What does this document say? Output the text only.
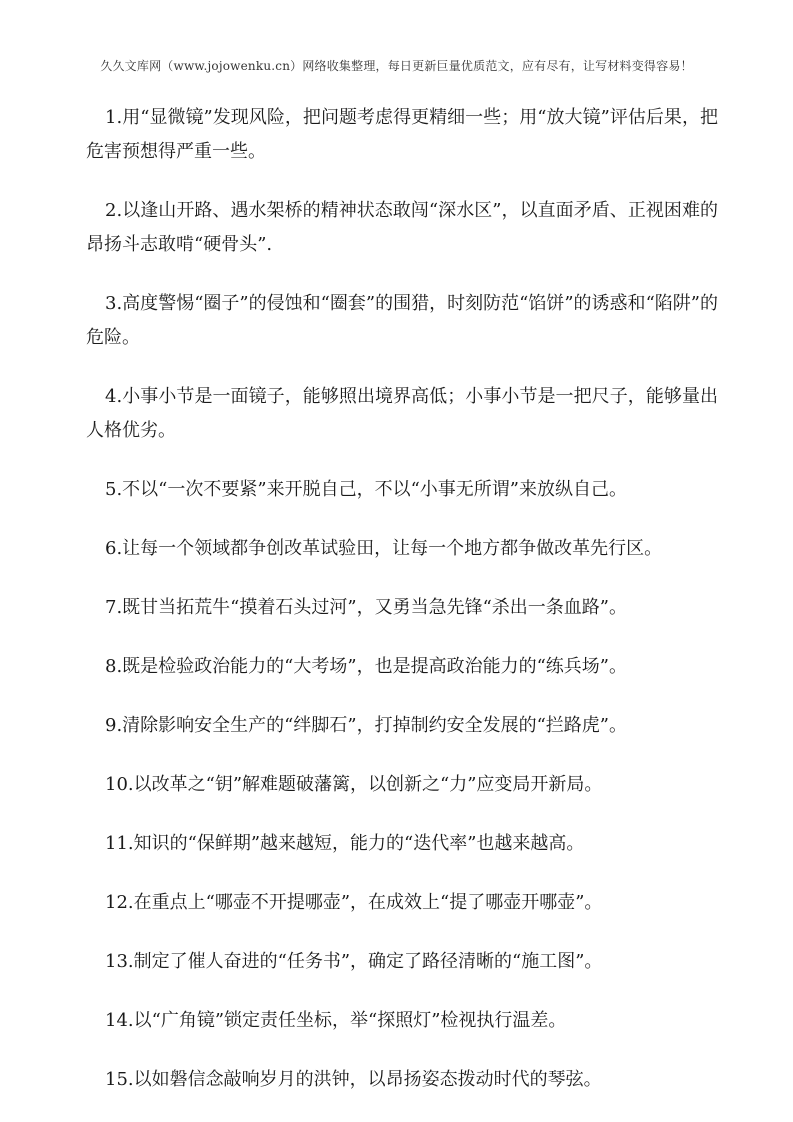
久久文库网（www.jojowenku.cn）网络收集整理，每日更新巨量优质范文，应有尽有，让写材料变得容易！

1.用“显微镜”发现风险，把问题考虑得更精细一些；用“放大镜”评估后果，把危害预想得严重一些。

2.以逢山开路、遇水架桥的精神状态敢闯“深水区”，以直面矛盾、正视困难的昂扬斗志敢啃“硬骨头”.

3.高度警惕“圈子”的侵蚀和“圈套”的围猎，时刻防范“馅饼”的诱惑和“陷阱”的危险。

4.小事小节是一面镜子，能够照出境界高低；小事小节是一把尺子，能够量出人格优劣。

5.不以“一次不要紧”来开脱自己，不以“小事无所谓”来放纵自己。

6.让每一个领域都争创改革试验田，让每一个地方都争做改革先行区。

7.既甘当拓荒牛“摸着石头过河”，又勇当急先锋“杀出一条血路”。

8.既是检验政治能力的“大考场”，也是提高政治能力的“练兵场”。

9.清除影响安全生产的“绊脚石”，打掉制约安全发展的“拦路虎”。

10.以改革之“钥”解难题破藩篱，以创新之“力”应变局开新局。

11.知识的“保鲜期”越来越短，能力的“迭代率”也越来越高。

12.在重点上“哪壶不开提哪壶”，在成效上“提了哪壶开哪壶”。

13.制定了催人奋进的“任务书”，确定了路径清晰的“施工图”。

14.以“广角镜”锁定责任坐标，举“探照灯”检视执行温差。

15.以如磐信念敲响岁月的洪钟，以昂扬姿态拨动时代的琴弦。
